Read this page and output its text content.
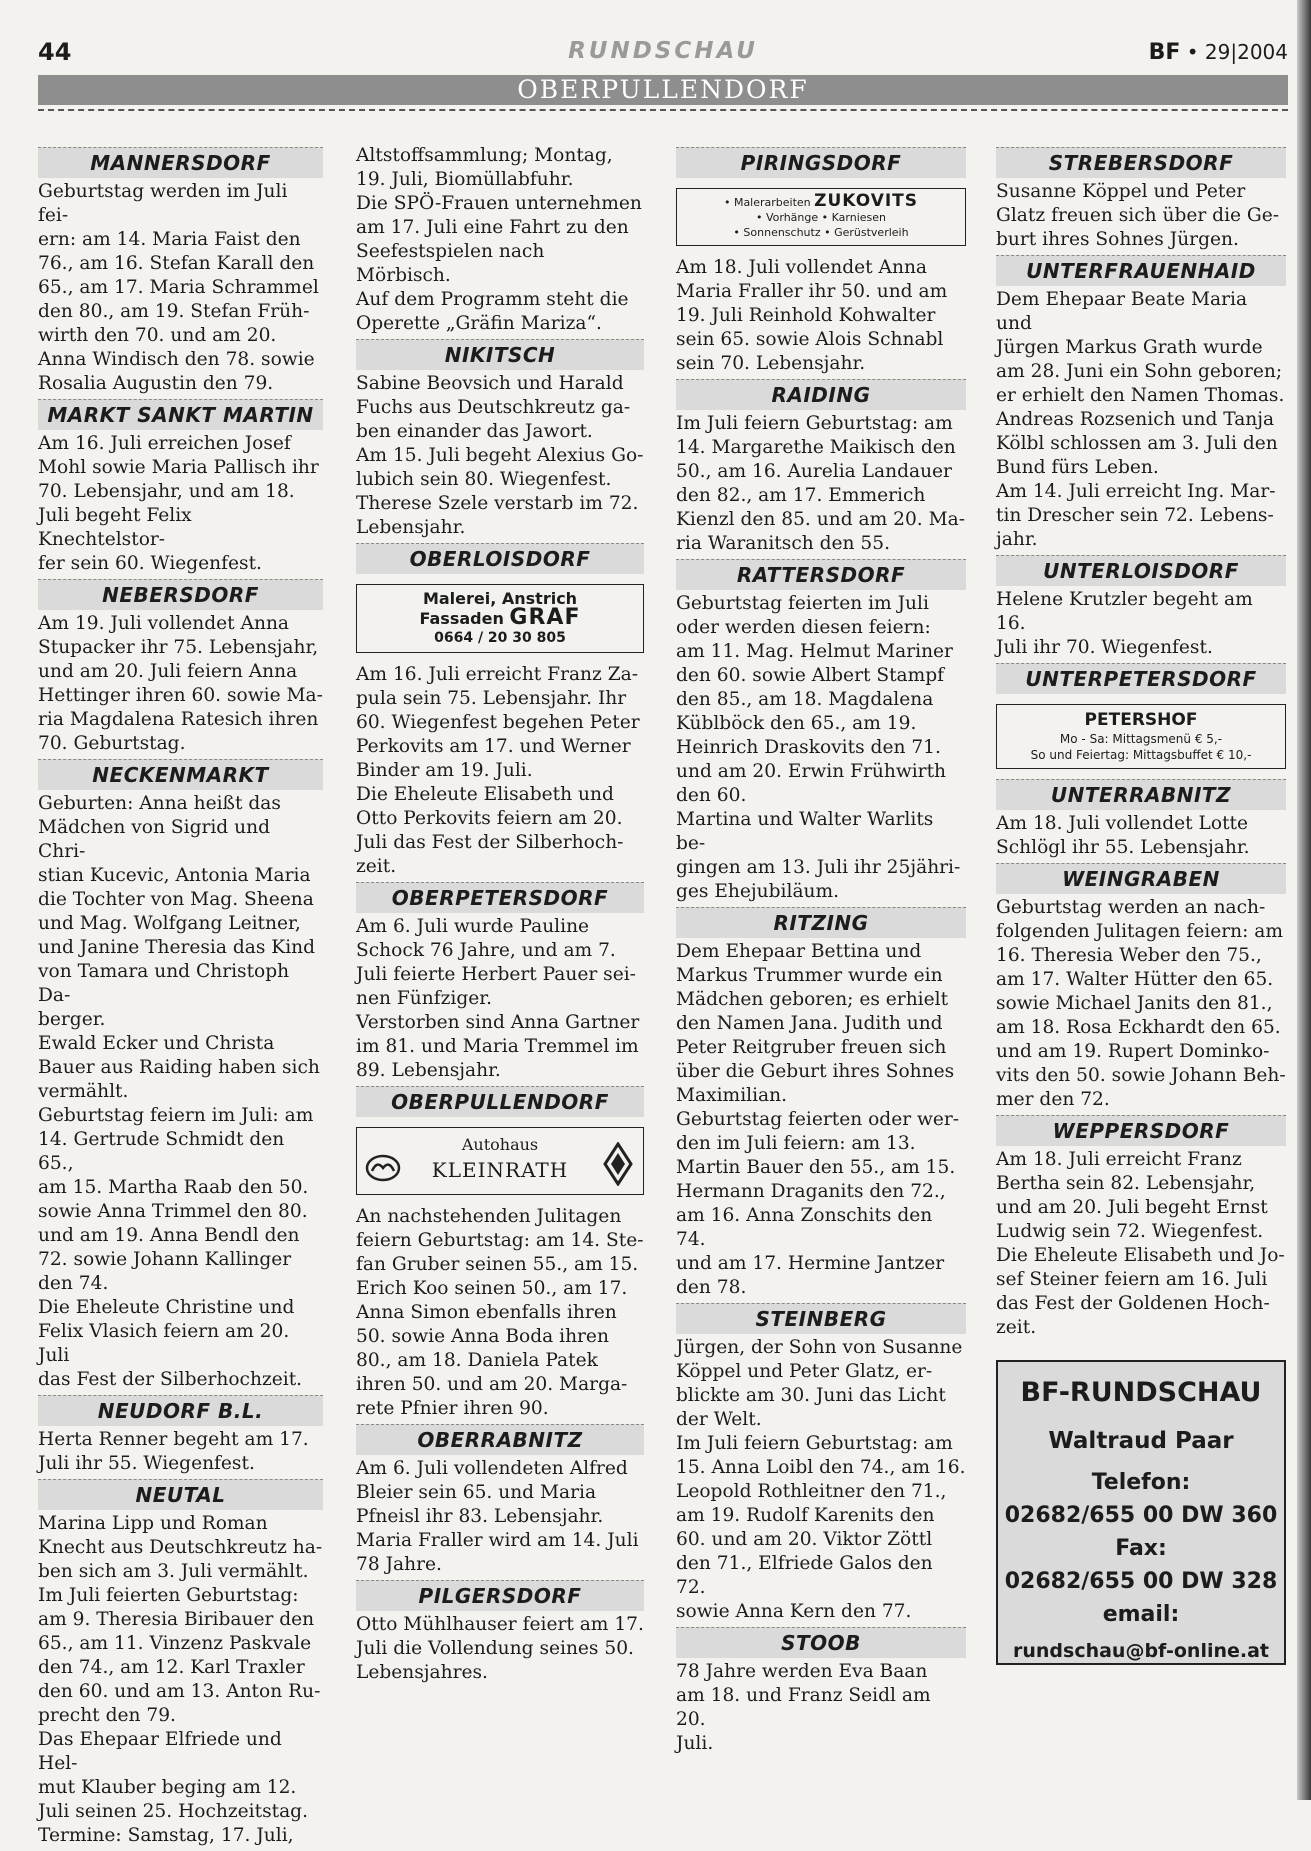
44	RUNDSCHAU	BF • 29|2004
OBERPULLENDORF
MANNERSDORF
Geburtstag werden im Juli fei-
ern: am 14. Maria Faist den
76., am 16. Stefan Karall den
65., am 17. Maria Schrammel
den 80., am 19. Stefan Früh-
wirth den 70. und am 20.
Anna Windisch den 78. sowie
Rosalia Augustin den 79.
MARKT SANKT MARTIN
Am 16. Juli erreichen Josef
Mohl sowie Maria Pallisch ihr
70. Lebensjahr, und am 18.
Juli begeht Felix Knechtelstor-
fer sein 60. Wiegenfest.
NEBERSDORF
Am 19. Juli vollendet Anna
Stupacker ihr 75. Lebensjahr,
und am 20. Juli feiern Anna
Hettinger ihren 60. sowie Ma-
ria Magdalena Ratesich ihren
70. Geburtstag.
NECKENMARKT
Geburten: Anna heißt das
Mädchen von Sigrid und Chri-
stian Kucevic, Antonia Maria
die Tochter von Mag. Sheena
und Mag. Wolfgang Leitner,
und Janine Theresia das Kind
von Tamara und Christoph Da-
berger.
Ewald Ecker und Christa
Bauer aus Raiding haben sich
vermählt.
Geburtstag feiern im Juli: am
14. Gertrude Schmidt den 65.,
am 15. Martha Raab den 50.
sowie Anna Trimmel den 80.
und am 19. Anna Bendl den
72. sowie Johann Kallinger
den 74.
Die Eheleute Christine und
Felix Vlasich feiern am 20. Juli
das Fest der Silberhochzeit.
NEUDORF B.L.
Herta Renner begeht am 17.
Juli ihr 55. Wiegenfest.
NEUTAL
Marina Lipp und Roman
Knecht aus Deutschkreutz ha-
ben sich am 3. Juli vermählt.
Im Juli feierten Geburtstag:
am 9. Theresia Biribauer den
65., am 11. Vinzenz Paskvale
den 74., am 12. Karl Traxler
den 60. und am 13. Anton Ru-
precht den 79.
Das Ehepaar Elfriede und Hel-
mut Klauber beging am 12.
Juli seinen 25. Hochzeitstag.
Termine: Samstag, 17. Juli,
Altstoffsammlung; Montag,
19. Juli, Biomüllabfuhr.
Die SPÖ-Frauen unternehmen
am 17. Juli eine Fahrt zu den
Seefestspielen nach Mörbisch.
Auf dem Programm steht die
Operette „Gräfin Mariza“.
NIKITSCH
Sabine Beovsich und Harald
Fuchs aus Deutschkreutz ga-
ben einander das Jawort.
Am 15. Juli begeht Alexius Go-
lubich sein 80. Wiegenfest.
Therese Szele verstarb im 72.
Lebensjahr.
OBERLOISDORF
Malerei, Anstrich
Fassaden GRAF
0664 / 20 30 805
Am 16. Juli erreicht Franz Za-
pula sein 75. Lebensjahr. Ihr
60. Wiegenfest begehen Peter
Perkovits am 17. und Werner
Binder am 19. Juli.
Die Eheleute Elisabeth und
Otto Perkovits feiern am 20.
Juli das Fest der Silberhoch-
zeit.
OBERPETERSDORF
Am 6. Juli wurde Pauline
Schock 76 Jahre, und am 7.
Juli feierte Herbert Pauer sei-
nen Fünfziger.
Verstorben sind Anna Gartner
im 81. und Maria Tremmel im
89. Lebensjahr.
OBERPULLENDORF
Autohaus
KLEINRATH
An nachstehenden Julitagen
feiern Geburtstag: am 14. Ste-
fan Gruber seinen 55., am 15.
Erich Koo seinen 50., am 17.
Anna Simon ebenfalls ihren
50. sowie Anna Boda ihren
80., am 18. Daniela Patek
ihren 50. und am 20. Marga-
rete Pfnier ihren 90.
OBERRABNITZ
Am 6. Juli vollendeten Alfred
Bleier sein 65. und Maria
Pfneisl ihr 83. Lebensjahr.
Maria Fraller wird am 14. Juli
78 Jahre.
PILGERSDORF
Otto Mühlhauser feiert am 17.
Juli die Vollendung seines 50.
Lebensjahres.
PIRINGSDORF
• Malerarbeiten ZUKOVITS
• Vorhänge • Karniesen
• Sonnenschutz • Gerüstverleih
Am 18. Juli vollendet Anna
Maria Fraller ihr 50. und am
19. Juli Reinhold Kohwalter
sein 65. sowie Alois Schnabl
sein 70. Lebensjahr.
RAIDING
Im Juli feiern Geburtstag: am
14. Margarethe Maikisch den
50., am 16. Aurelia Landauer
den 82., am 17. Emmerich
Kienzl den 85. und am 20. Ma-
ria Waranitsch den 55.
RATTERSDORF
Geburtstag feierten im Juli
oder werden diesen feiern:
am 11. Mag. Helmut Mariner
den 60. sowie Albert Stampf
den 85., am 18. Magdalena
Küblböck den 65., am 19.
Heinrich Draskovits den 71.
und am 20. Erwin Frühwirth
den 60.
Martina und Walter Warlits be-
gingen am 13. Juli ihr 25jähri-
ges Ehejubiläum.
RITZING
Dem Ehepaar Bettina und
Markus Trummer wurde ein
Mädchen geboren; es erhielt
den Namen Jana. Judith und
Peter Reitgruber freuen sich
über die Geburt ihres Sohnes
Maximilian.
Geburtstag feierten oder wer-
den im Juli feiern: am 13.
Martin Bauer den 55., am 15.
Hermann Draganits den 72.,
am 16. Anna Zonschits den 74.
und am 17. Hermine Jantzer
den 78.
STEINBERG
Jürgen, der Sohn von Susanne
Köppel und Peter Glatz, er-
blickte am 30. Juni das Licht
der Welt.
Im Juli feiern Geburtstag: am
15. Anna Loibl den 74., am 16.
Leopold Rothleitner den 71.,
am 19. Rudolf Karenits den
60. und am 20. Viktor Zöttl
den 71., Elfriede Galos den 72.
sowie Anna Kern den 77.
STOOB
78 Jahre werden Eva Baan
am 18. und Franz Seidl am 20.
Juli.
STREBERSDORF
Susanne Köppel und Peter
Glatz freuen sich über die Ge-
burt ihres Sohnes Jürgen.
UNTERFRAUENHAID
Dem Ehepaar Beate Maria und
Jürgen Markus Grath wurde
am 28. Juni ein Sohn geboren;
er erhielt den Namen Thomas.
Andreas Rozsenich und Tanja
Kölbl schlossen am 3. Juli den
Bund fürs Leben.
Am 14. Juli erreicht Ing. Mar-
tin Drescher sein 72. Lebens-
jahr.
UNTERLOISDORF
Helene Krutzler begeht am 16.
Juli ihr 70. Wiegenfest.
UNTERPETERSDORF
PETERSHOF
Mo - Sa: Mittagsmenü € 5,-
So und Feiertag: Mittagsbuffet € 10,-
UNTERRABNITZ
Am 18. Juli vollendet Lotte
Schlögl ihr 55. Lebensjahr.
WEINGRABEN
Geburtstag werden an nach-
folgenden Julitagen feiern: am
16. Theresia Weber den 75.,
am 17. Walter Hütter den 65.
sowie Michael Janits den 81.,
am 18. Rosa Eckhardt den 65.
und am 19. Rupert Dominko-
vits den 50. sowie Johann Beh-
mer den 72.
WEPPERSDORF
Am 18. Juli erreicht Franz
Bertha sein 82. Lebensjahr,
und am 20. Juli begeht Ernst
Ludwig sein 72. Wiegenfest.
Die Eheleute Elisabeth und Jo-
sef Steiner feiern am 16. Juli
das Fest der Goldenen Hoch-
zeit.
BF-RUNDSCHAU
Waltraud Paar
Telefon:
02682/655 00 DW 360
Fax:
02682/655 00 DW 328
email:
rundschau@bf-online.at
